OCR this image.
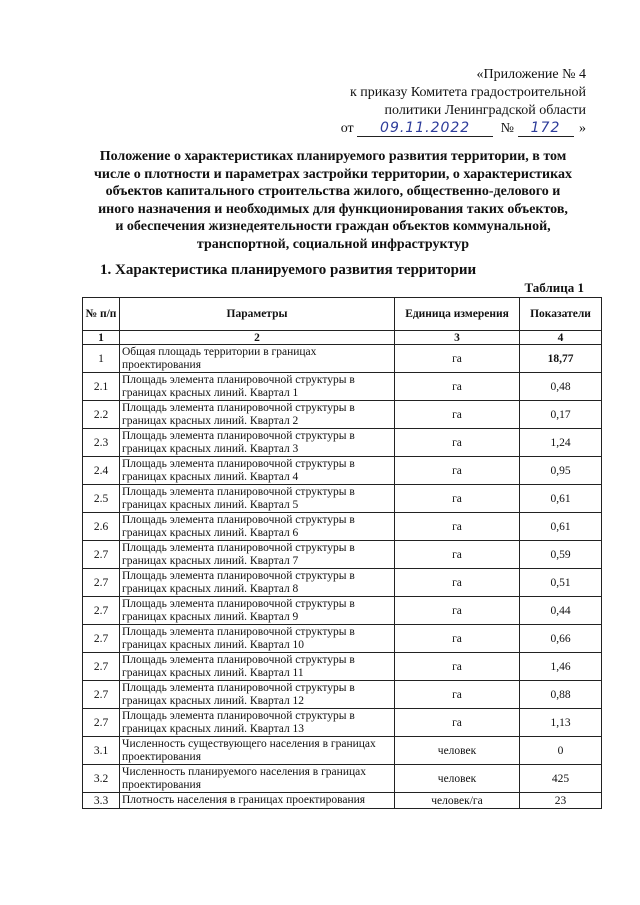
«Приложение № 4
к приказу Комитета градостроительной
политики Ленинградской области
от 09.11.2022 № 172 »
Положение о характеристиках планируемого развития территории, в том
числе о плотности и параметрах застройки территории, о характеристиках
объектов капитального строительства жилого, общественно-делового и
иного назначения и необходимых для функционирования таких объектов,
и обеспечения жизнедеятельности граждан объектов коммунальной,
транспортной, социальной инфраструктур
1. Характеристика планируемого развития территории
Таблица 1
№ п/п	Параметры	Единица измерения	Показатели
1	2	3	4
1	Общая площадь территории в границах проектирования	га	18,77
2.1	Площадь элемента планировочной структуры в границах красных линий. Квартал 1	га	0,48
2.2	Площадь элемента планировочной структуры в границах красных линий. Квартал 2	га	0,17
2.3	Площадь элемента планировочной структуры в границах красных линий. Квартал 3	га	1,24
2.4	Площадь элемента планировочной структуры в границах красных линий. Квартал 4	га	0,95
2.5	Площадь элемента планировочной структуры в границах красных линий. Квартал 5	га	0,61
2.6	Площадь элемента планировочной структуры в границах красных линий. Квартал 6	га	0,61
2.7	Площадь элемента планировочной структуры в границах красных линий. Квартал 7	га	0,59
2.7	Площадь элемента планировочной структуры в границах красных линий. Квартал 8	га	0,51
2.7	Площадь элемента планировочной структуры в границах красных линий. Квартал 9	га	0,44
2.7	Площадь элемента планировочной структуры в границах красных линий. Квартал 10	га	0,66
2.7	Площадь элемента планировочной структуры в границах красных линий. Квартал 11	га	1,46
2.7	Площадь элемента планировочной структуры в границах красных линий. Квартал 12	га	0,88
2.7	Площадь элемента планировочной структуры в границах красных линий. Квартал 13	га	1,13
3.1	Численность существующего населения в границах проектирования	человек	0
3.2	Численность планируемого населения в границах проектирования	человек	425
3.3	Плотность населения в границах проектирования	человек/га	23
